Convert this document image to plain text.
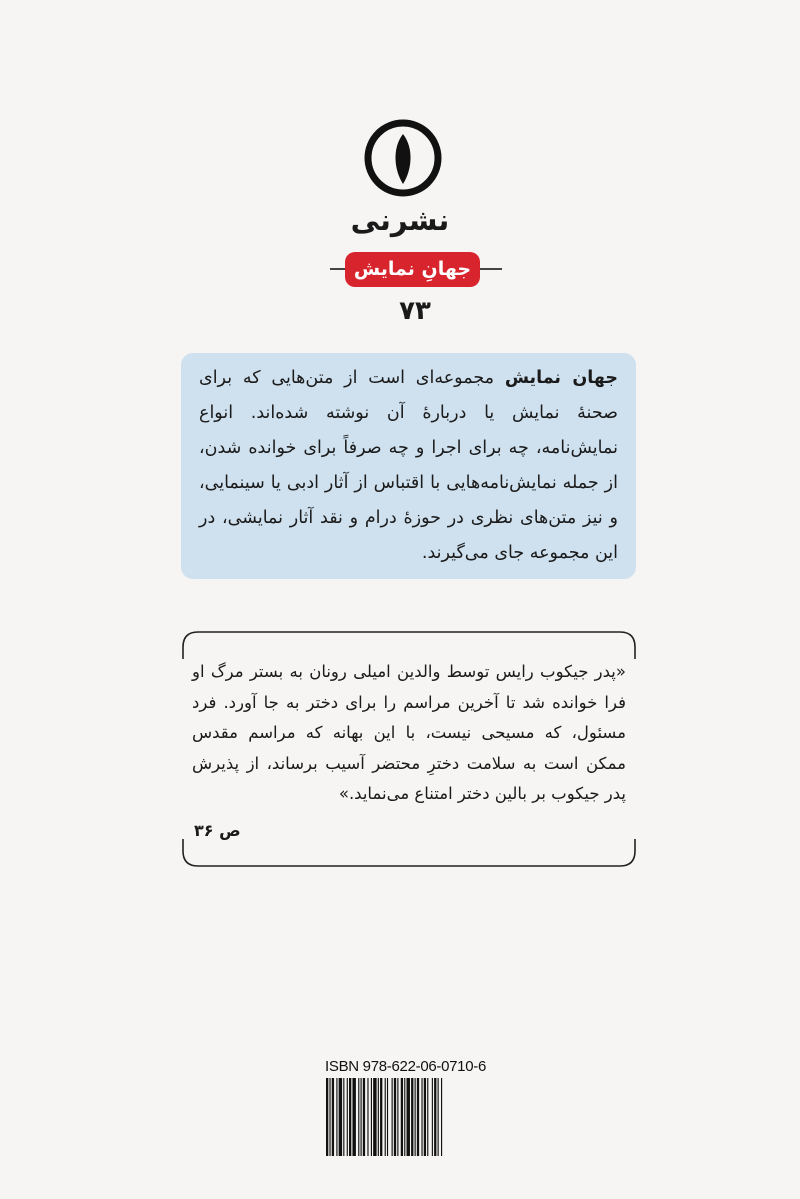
نشرنی
جهانِ نمایش
۷۳
جهان نمایش مجموعه‌ای است از متن‌هایی که برای صحنهٔ نمایش یا دربارهٔ آن نوشته شده‌اند. انواع نمایش‌نامه، چه برای اجرا و چه صرفاً برای خوانده شدن، از جمله نمایش‌نامه‌هایی با اقتباس از آثار ادبی یا سینمایی، و نیز متن‌های نظری در حوزهٔ درام و نقد آثار نمایشی، در این مجموعه جای می‌گیرند.
«پدر جیکوب رایس توسط والدین امیلی رونان به بستر مرگ او فرا خوانده شد تا آخرین مراسم را برای دختر به جا آورد. فرد مسئول، که مسیحی نیست، با این بهانه که مراسم مقدس ممکن است به سلامت دخترِ محتضر آسیب برساند، از پذیرش پدر جیکوب بر بالین دختر امتناع می‌نماید.»
ص ۳۶
ISBN 978-622-06-0710-6
